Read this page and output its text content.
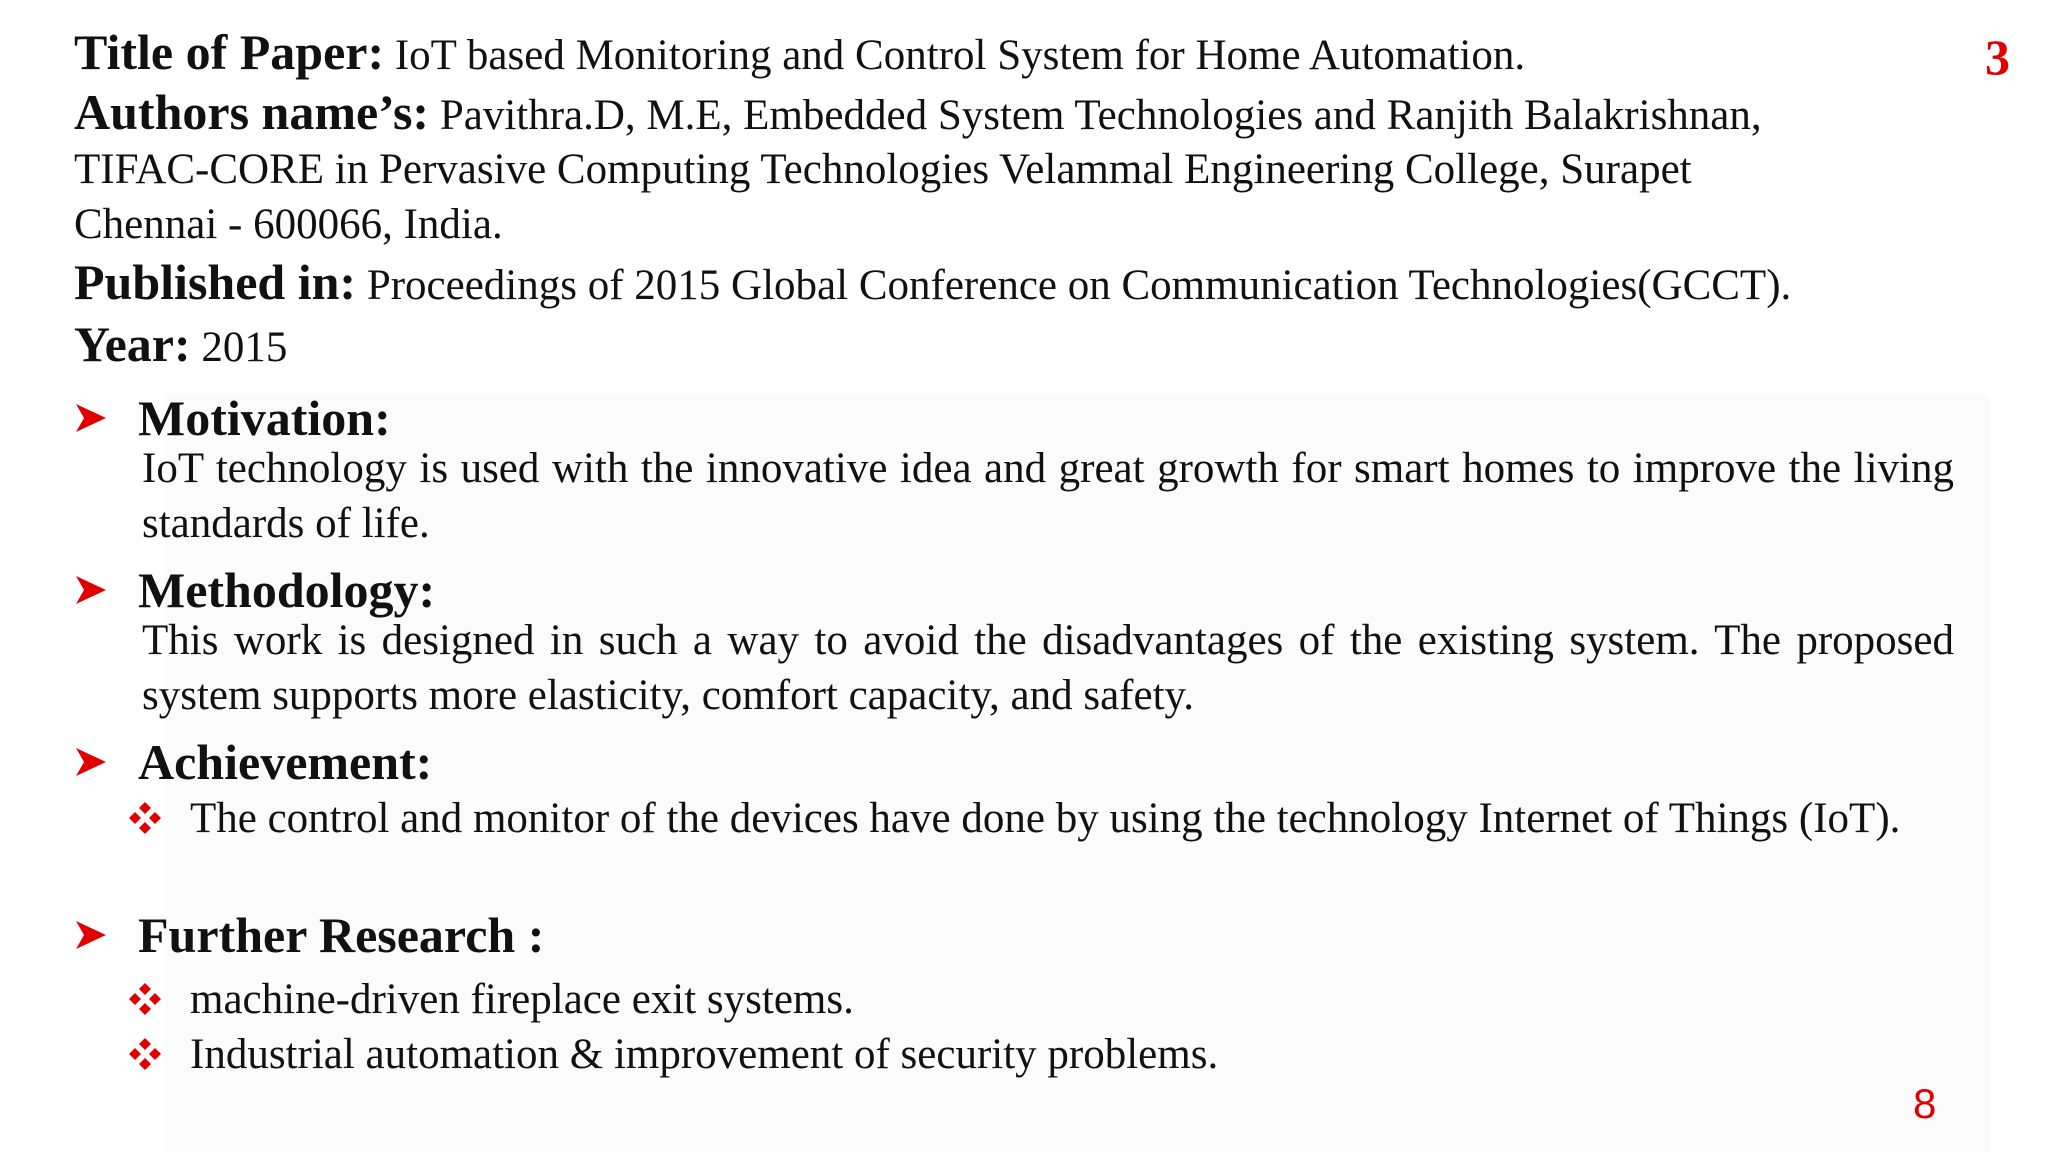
3
Title of Paper: IoT based Monitoring and Control System for Home Automation.
Authors name’s: Pavithra.D, M.E, Embedded System Technologies and Ranjith Balakrishnan,
TIFAC-CORE in Pervasive Computing Technologies Velammal Engineering College, Surapet
Chennai - 600066, India.
Published in: Proceedings of 2015 Global Conference on Communication Technologies(GCCT).
Year: 2015
Motivation:
IoT technology is used with the innovative idea and great growth for smart homes to improve the living standards of life.
Methodology:
This work is designed in such a way to avoid the disadvantages of the existing system. The proposed system supports more elasticity, comfort capacity, and safety.
Achievement:
The control and monitor of the devices have done by using the technology Internet of Things (IoT).
Further Research :
machine-driven fireplace exit systems.
Industrial automation & improvement of security problems.
8
